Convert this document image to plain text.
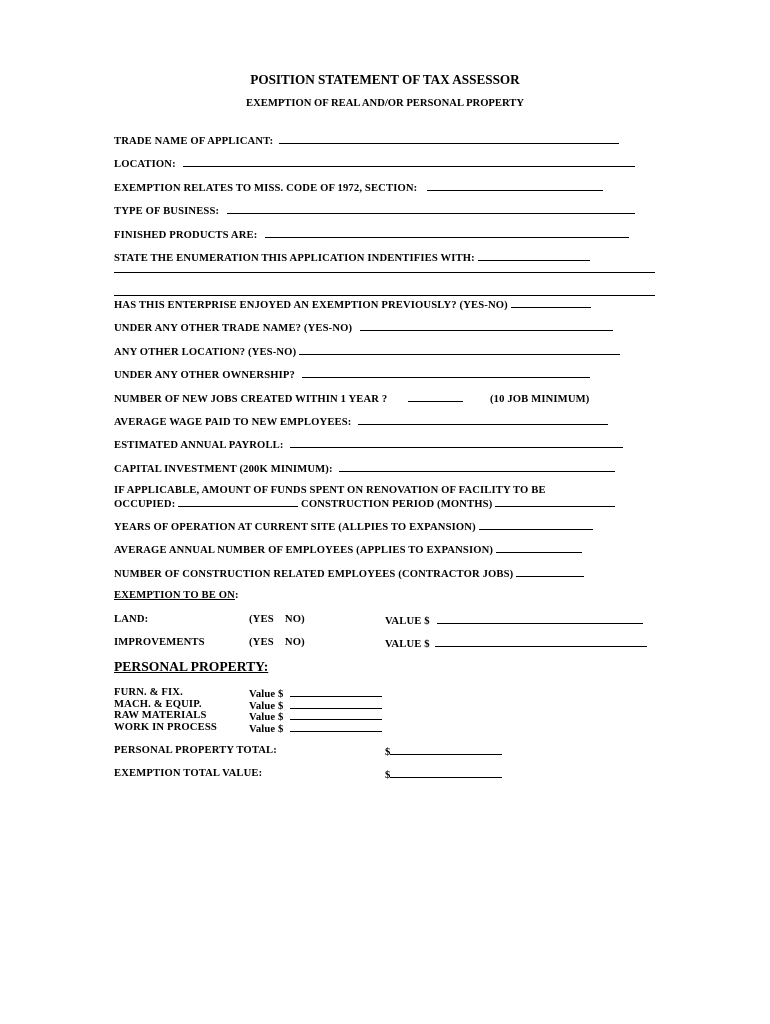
POSITION STATEMENT OF TAX ASSESSOR
EXEMPTION OF REAL AND/OR PERSONAL PROPERTY
TRADE NAME OF APPLICANT:
LOCATION:
EXEMPTION RELATES TO MISS. CODE OF 1972, SECTION:
TYPE OF BUSINESS:
FINISHED PRODUCTS ARE:
STATE THE ENUMERATION THIS APPLICATION INDENTIFIES WITH:
HAS THIS ENTERPRISE ENJOYED AN EXEMPTION PREVIOUSLY? (YES-NO)
UNDER ANY OTHER TRADE NAME? (YES-NO)
ANY OTHER LOCATION? (YES-NO)
UNDER ANY OTHER OWNERSHIP?
NUMBER OF NEW JOBS CREATED WITHIN 1 YEAR ?	(10 JOB MINIMUM)
AVERAGE WAGE PAID TO NEW EMPLOYEES:
ESTIMATED ANNUAL PAYROLL:
CAPITAL INVESTMENT (200K MINIMUM):
IF APPLICABLE, AMOUNT OF FUNDS SPENT ON RENOVATION OF FACILITY TO BE
OCCUPIED:	CONSTRUCTION PERIOD (MONTHS)
YEARS OF OPERATION AT CURRENT SITE (ALLPIES TO EXPANSION)
AVERAGE ANNUAL NUMBER OF EMPLOYEES (APPLIES TO EXPANSION)
NUMBER OF CONSTRUCTION RELATED EMPLOYEES (CONTRACTOR JOBS)
EXEMPTION TO BE ON:
LAND:	(YES    NO)	VALUE $
IMPROVEMENTS	(YES    NO)	VALUE $
PERSONAL PROPERTY:
FURN. & FIX.	Value $
MACH. & EQUIP.	Value $
RAW MATERIALS	Value $
WORK IN PROCESS	Value $
PERSONAL PROPERTY TOTAL:	$
EXEMPTION TOTAL VALUE:	$
